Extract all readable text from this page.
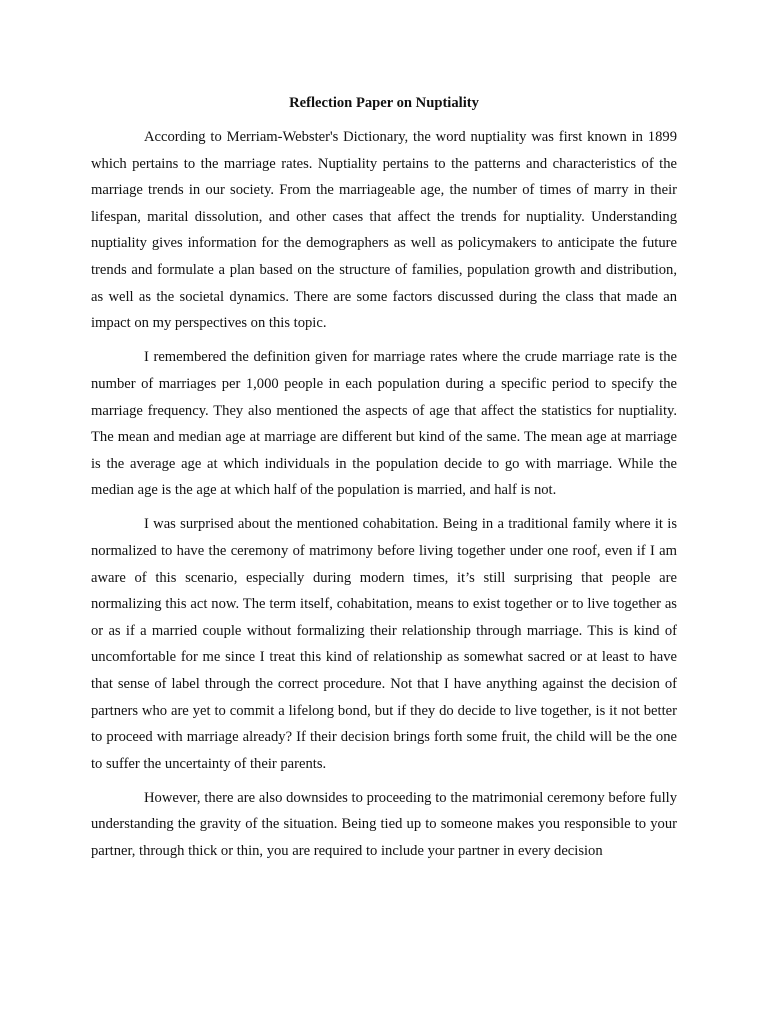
Reflection Paper on Nuptiality

According to Merriam-Webster's Dictionary, the word nuptiality was first known in 1899 which pertains to the marriage rates. Nuptiality pertains to the patterns and characteristics of the marriage trends in our society. From the marriageable age, the number of times of marry in their lifespan, marital dissolution, and other cases that affect the trends for nuptiality. Understanding nuptiality gives information for the demographers as well as policymakers to anticipate the future trends and formulate a plan based on the structure of families, population growth and distribution, as well as the societal dynamics. There are some factors discussed during the class that made an impact on my perspectives on this topic.

I remembered the definition given for marriage rates where the crude marriage rate is the number of marriages per 1,000 people in each population during a specific period to specify the marriage frequency. They also mentioned the aspects of age that affect the statistics for nuptiality. The mean and median age at marriage are different but kind of the same. The mean age at marriage is the average age at which individuals in the population decide to go with marriage. While the median age is the age at which half of the population is married, and half is not.

I was surprised about the mentioned cohabitation. Being in a traditional family where it is normalized to have the ceremony of matrimony before living together under one roof, even if I am aware of this scenario, especially during modern times, it’s still surprising that people are normalizing this act now. The term itself, cohabitation, means to exist together or to live together as or as if a married couple without formalizing their relationship through marriage. This is kind of uncomfortable for me since I treat this kind of relationship as somewhat sacred or at least to have that sense of label through the correct procedure. Not that I have anything against the decision of partners who are yet to commit a lifelong bond, but if they do decide to live together, is it not better to proceed with marriage already? If their decision brings forth some fruit, the child will be the one to suffer the uncertainty of their parents.

However, there are also downsides to proceeding to the matrimonial ceremony before fully understanding the gravity of the situation. Being tied up to someone makes you responsible to your partner, through thick or thin, you are required to include your partner in every decision
